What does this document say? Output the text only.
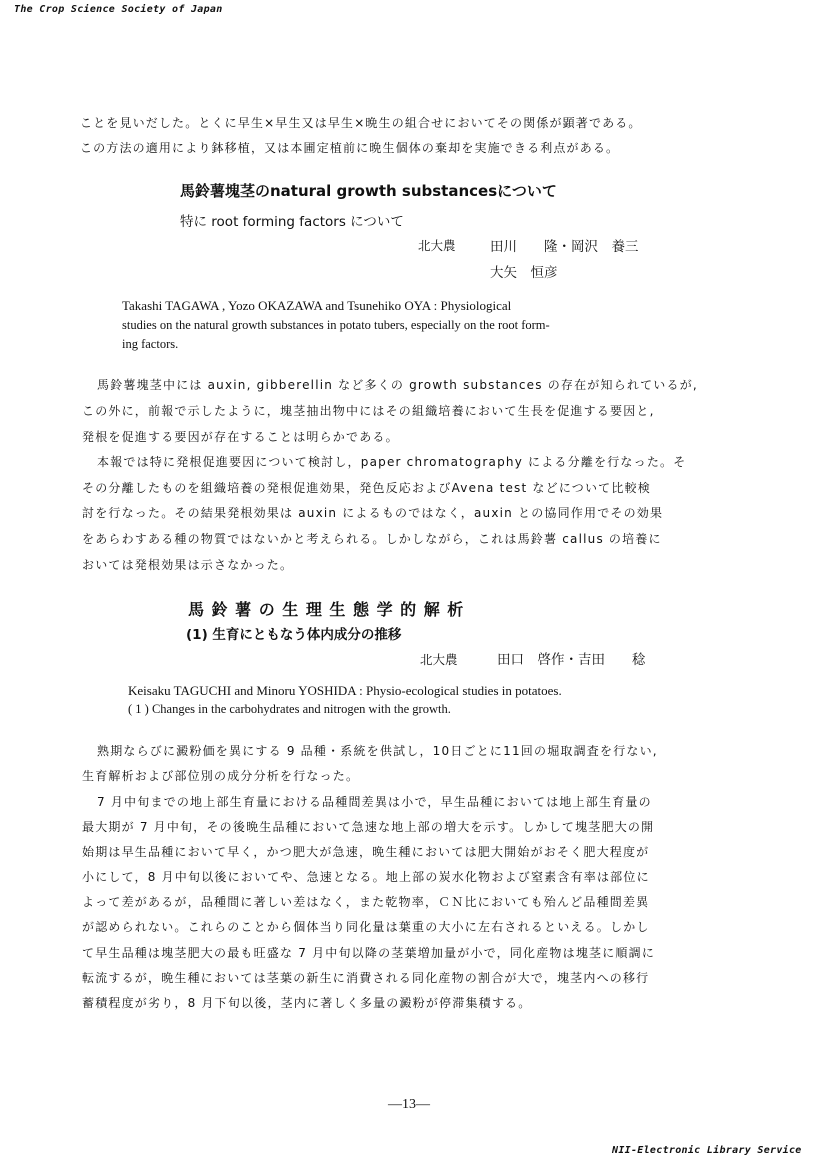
The Crop Science Society of Japan
ことを見いだした。とくに早生×早生又は早生×晩生の組合せにおいてその関係が顕著である。
この方法の適用により鉢移植，又は本圃定植前に晩生個体の棄却を実施できる利点がある。
馬鈴薯塊茎のnatural growth substancesについて
特に root forming factors について
北大農	田川　　隆・岡沢　養三
大矢　恒彦
Takashi TAGAWA , Yozo OKAZAWA and Tsunehiko OYA : Physiological
studies on the natural growth substances in potato tubers, especially on the root form-
ing factors.
馬鈴薯塊茎中には auxin, gibberellin など多くの growth substances の存在が知られているが,
この外に，前報で示したように，塊茎抽出物中にはその組織培養において生長を促進する要因と,
発根を促進する要因が存在することは明らかである。
本報では特に発根促進要因について検討し，paper chromatography による分離を行なった。そ
その分離したものを組織培養の発根促進効果，発色反応およびAvena test などについて比較検
討を行なった。その結果発根効果は auxin によるものではなく，auxin との協同作用でその効果
をあらわすある種の物質ではないかと考えられる。しかしながら，これは馬鈴薯 callus の培養に
おいては発根効果は示さなかった。
馬 鈴 薯 の 生 理 生 態 学 的 解 析
(1) 生育にともなう体内成分の推移
北大農	田口　啓作・吉田　　稔
Keisaku TAGUCHI and Minoru YOSHIDA : Physio-ecological studies in potatoes.
( 1 ) Changes in the carbohydrates and nitrogen with the growth.
熟期ならびに澱粉価を異にする 9 品種・系統を供試し，10日ごとに11回の堀取調査を行ない,
生育解析および部位別の成分分析を行なった。
7 月中旬までの地上部生育量における品種間差異は小で，早生品種においては地上部生育量の
最大期が 7 月中旬，その後晩生品種において急速な地上部の増大を示す。しかして塊茎肥大の開
始期は早生品種において早く，かつ肥大が急速，晩生種においては肥大開始がおそく肥大程度が
小にして，8 月中旬以後においてや、急速となる。地上部の炭水化物および窒素含有率は部位に
よって差があるが，品種間に著しい差はなく，また乾物率，ＣＮ比においても殆んど品種間差異
が認められない。これらのことから個体当り同化量は葉重の大小に左右されるといえる。しかし
て早生品種は塊茎肥大の最も旺盛な 7 月中旬以降の茎葉増加量が小で，同化産物は塊茎に順調に
転流するが，晩生種においては茎葉の新生に消費される同化産物の割合が大で，塊茎内への移行
蓄積程度が劣り，8 月下旬以後，茎内に著しく多量の澱粉が停滞集積する。
―13―
NII-Electronic Library Service
